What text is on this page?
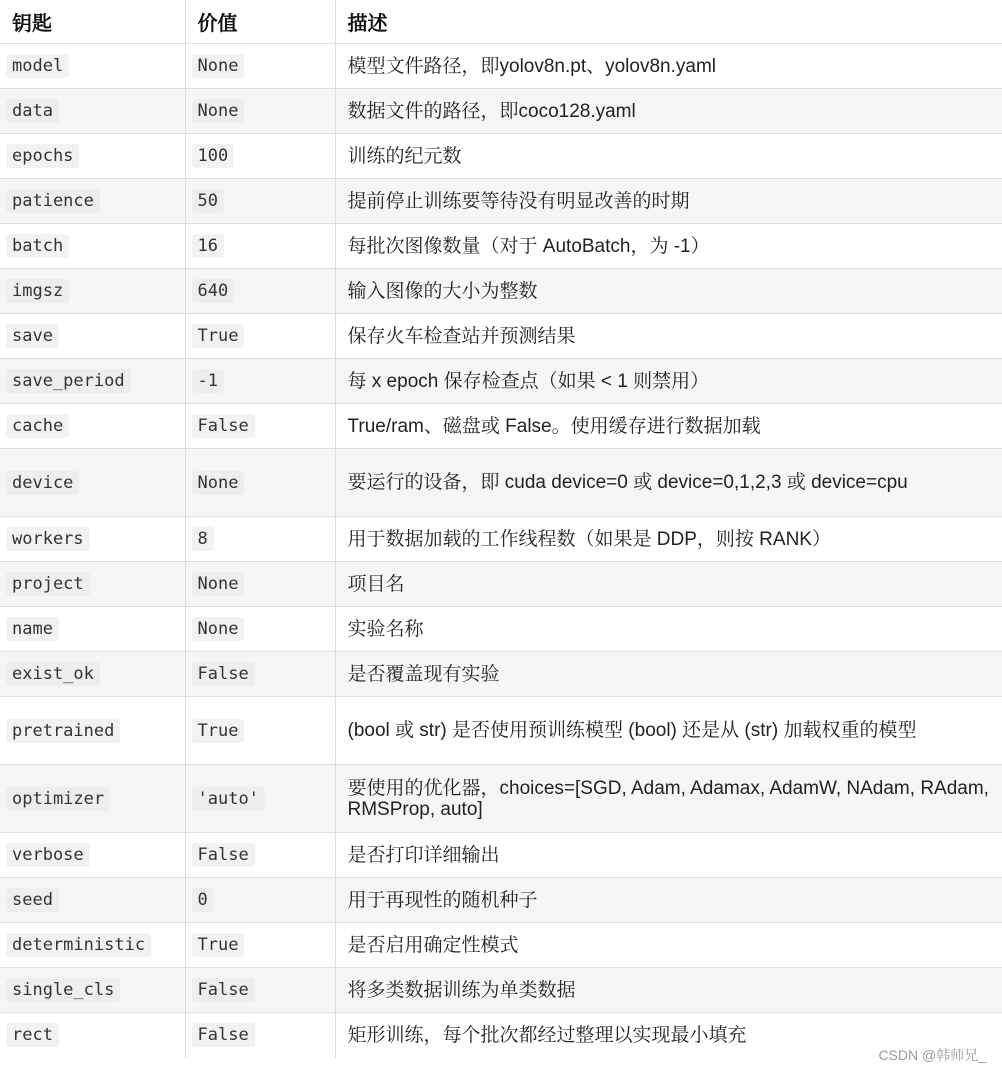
钥匙	价值	描述
model	None	模型文件路径，即yolov8n.pt、yolov8n.yaml
data	None	数据文件的路径，即coco128.yaml
epochs	100	训练的纪元数
patience	50	提前停止训练要等待没有明显改善的时期
batch	16	每批次图像数量（对于 AutoBatch，为 -1）
imgsz	640	输入图像的大小为整数
save	True	保存火车检查站并预测结果
save_period	-1	每 x epoch 保存检查点（如果 < 1 则禁用）
cache	False	True/ram、磁盘或 False。使用缓存进行数据加载
device	None	要运行的设备，即 cuda device=0 或 device=0,1,2,3 或 device=cpu
workers	8	用于数据加载的工作线程数（如果是 DDP，则按 RANK）
project	None	项目名
name	None	实验名称
exist_ok	False	是否覆盖现有实验
pretrained	True	(bool 或 str) 是否使用预训练模型 (bool) 还是从 (str) 加载权重的模型
optimizer	'auto'	要使用的优化器，choices=[SGD, Adam, Adamax, AdamW, NAdam, RAdam, RMSProp, auto]
verbose	False	是否打印详细输出
seed	0	用于再现性的随机种子
deterministic	True	是否启用确定性模式
single_cls	False	将多类数据训练为单类数据
rect	False	矩形训练，每个批次都经过整理以实现最小填充
CSDN @韩师兄_
